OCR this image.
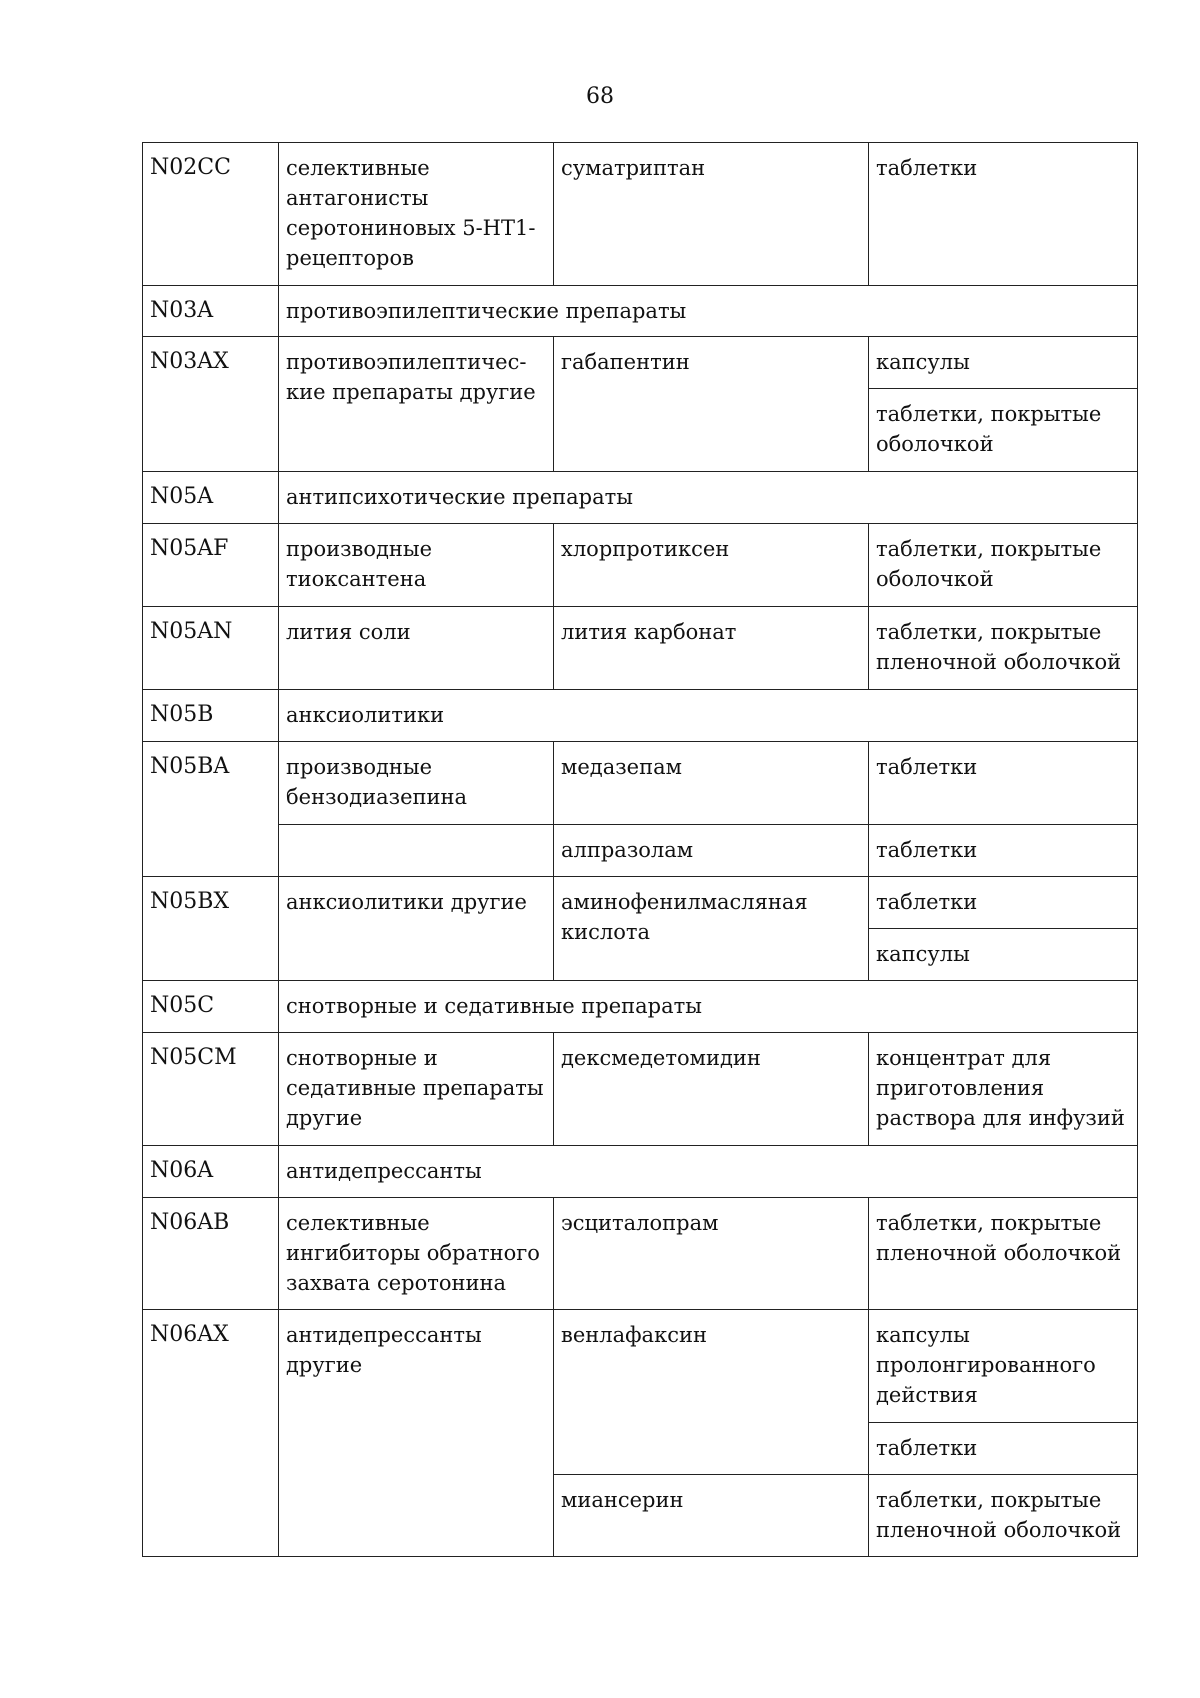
68
N02CC	селективные антагонисты серотониновых 5-HT1-рецепторов	суматриптан	таблетки
N03A	противоэпилептические препараты		
N03AX	противоэпилептичес-кие препараты другие	габапентин	капсулы
			таблетки, покрытые оболочкой
N05A	антипсихотические препараты		
N05AF	производные тиоксантена	хлорпротиксен	таблетки, покрытые оболочкой
N05AN	лития соли	лития карбонат	таблетки, покрытые пленочной оболочкой
N05B	анксиолитики		
N05BA	производные бензодиазепина	медазепам	таблетки
		алпразолам	таблетки
N05BX	анксиолитики другие	аминофенилмасляная кислота	таблетки
			капсулы
N05C	снотворные и седативные препараты		
N05CM	снотворные и седативные препараты другие	дексмедетомидин	концентрат для приготовления раствора для инфузий
N06A	антидепрессанты		
N06AB	селективные ингибиторы обратного захвата серотонина	эсциталопрам	таблетки, покрытые пленочной оболочкой
N06AX	антидепрессанты другие	венлафаксин	капсулы пролонгированного действия
			таблетки
		миансерин	таблетки, покрытые пленочной оболочкой
